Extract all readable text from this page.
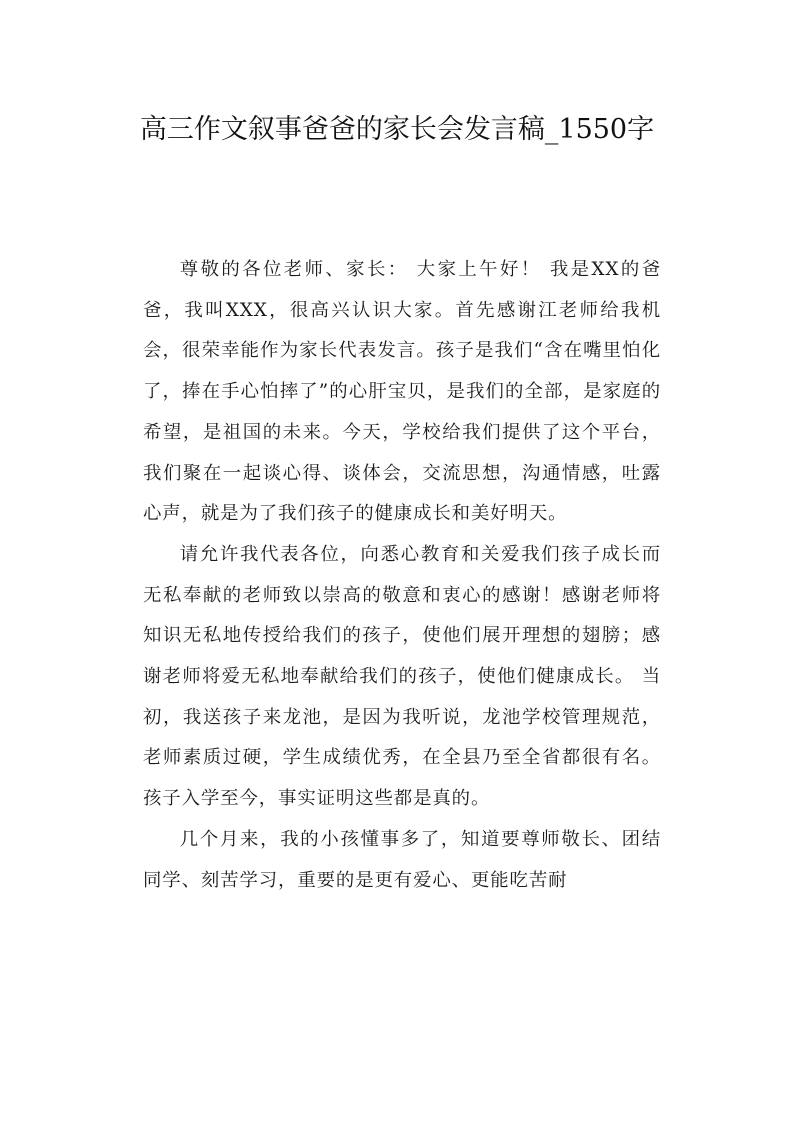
高三作文叙事爸爸的家长会发言稿_1550字

尊敬的各位老师、家长： 大家上午好！ 我是XX的爸爸，我叫XXX，很高兴认识大家。首先感谢江老师给我机会，很荣幸能作为家长代表发言。孩子是我们“含在嘴里怕化了，捧在手心怕摔了”的心肝宝贝，是我们的全部，是家庭的希望，是祖国的未来。今天，学校给我们提供了这个平台，我们聚在一起谈心得、谈体会，交流思想，沟通情感，吐露心声，就是为了我们孩子的健康成长和美好明天。

请允许我代表各位，向悉心教育和关爱我们孩子成长而无私奉献的老师致以崇高的敬意和衷心的感谢！感谢老师将知识无私地传授给我们的孩子，使他们展开理想的翅膀；感谢老师将爱无私地奉献给我们的孩子，使他们健康成长。 当初，我送孩子来龙池，是因为我听说，龙池学校管理规范，老师素质过硬，学生成绩优秀，在全县乃至全省都很有名。孩子入学至今，事实证明这些都是真的。

几个月来，我的小孩懂事多了，知道要尊师敬长、团结同学、刻苦学习，重要的是更有爱心、更能吃苦耐
